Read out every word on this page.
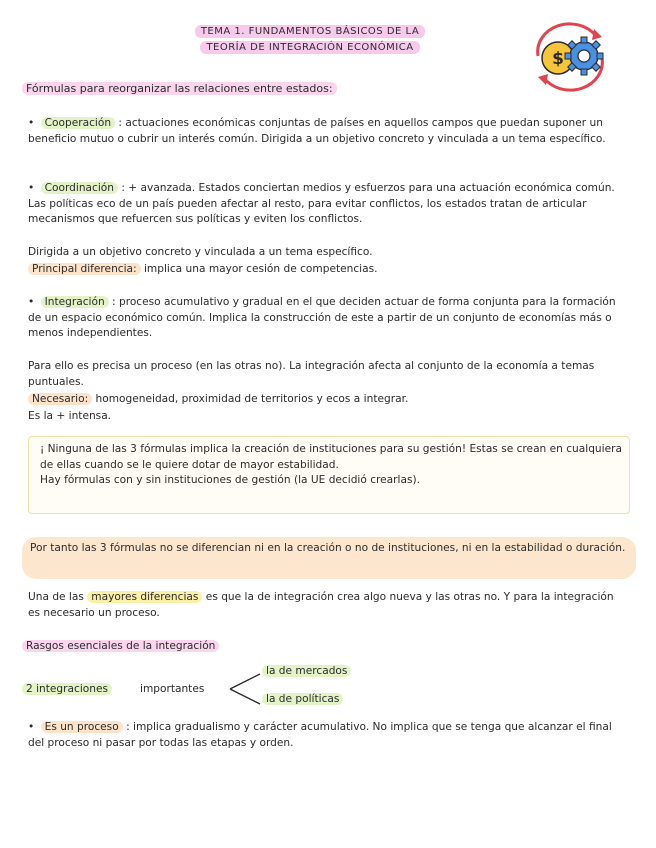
TEMA 1. FUNDAMENTOS BÁSICOS DE LA
TEORÍA DE INTEGRACIÓN ECONÓMICA
$
Fórmulas para reorganizar las relaciones entre estados:
• Cooperación : actuaciones económicas conjuntas de países en aquellos campos que puedan suponer un beneficio mutuo o cubrir un interés común. Dirigida a un objetivo concreto y vinculada a un tema específico.
• Coordinación : + avanzada. Estados conciertan medios y esfuerzos para una actuación económica común. Las políticas eco de un país pueden afectar al resto, para evitar conflictos, los estados tratan de articular mecanismos que refuercen sus políticas y eviten los conflictos.
Dirigida a un objetivo concreto y vinculada a un tema específico.
Principal diferencia: implica una mayor cesión de competencias.
• Integración : proceso acumulativo y gradual en el que deciden actuar de forma conjunta para la formación de un espacio económico común. Implica la construcción de este a partir de un conjunto de economías más o menos independientes.
Para ello es precisa un proceso (en las otras no). La integración afecta al conjunto de la economía a temas puntuales.
Necesario: homogeneidad, proximidad de territorios y ecos a integrar.
Es la + intensa.
¡ Ninguna de las 3 fórmulas implica la creación de instituciones para su gestión! Estas se crean en cualquiera de ellas cuando se le quiere dotar de mayor estabilidad.
Hay fórmulas con y sin instituciones de gestión (la UE decidió crearlas).
Por tanto las 3 fórmulas no se diferencian ni en la creación o no de instituciones, ni en la estabilidad o duración.
Una de las mayores diferencias es que la de integración crea algo nueva y las otras no. Y para la integración es necesario un proceso.
Rasgos esenciales de la integración
2 integraciones	importantes
la de mercados
la de políticas
• Es un proceso : implica gradualismo y carácter acumulativo. No implica que se tenga que alcanzar el final del proceso ni pasar por todas las etapas y orden.
